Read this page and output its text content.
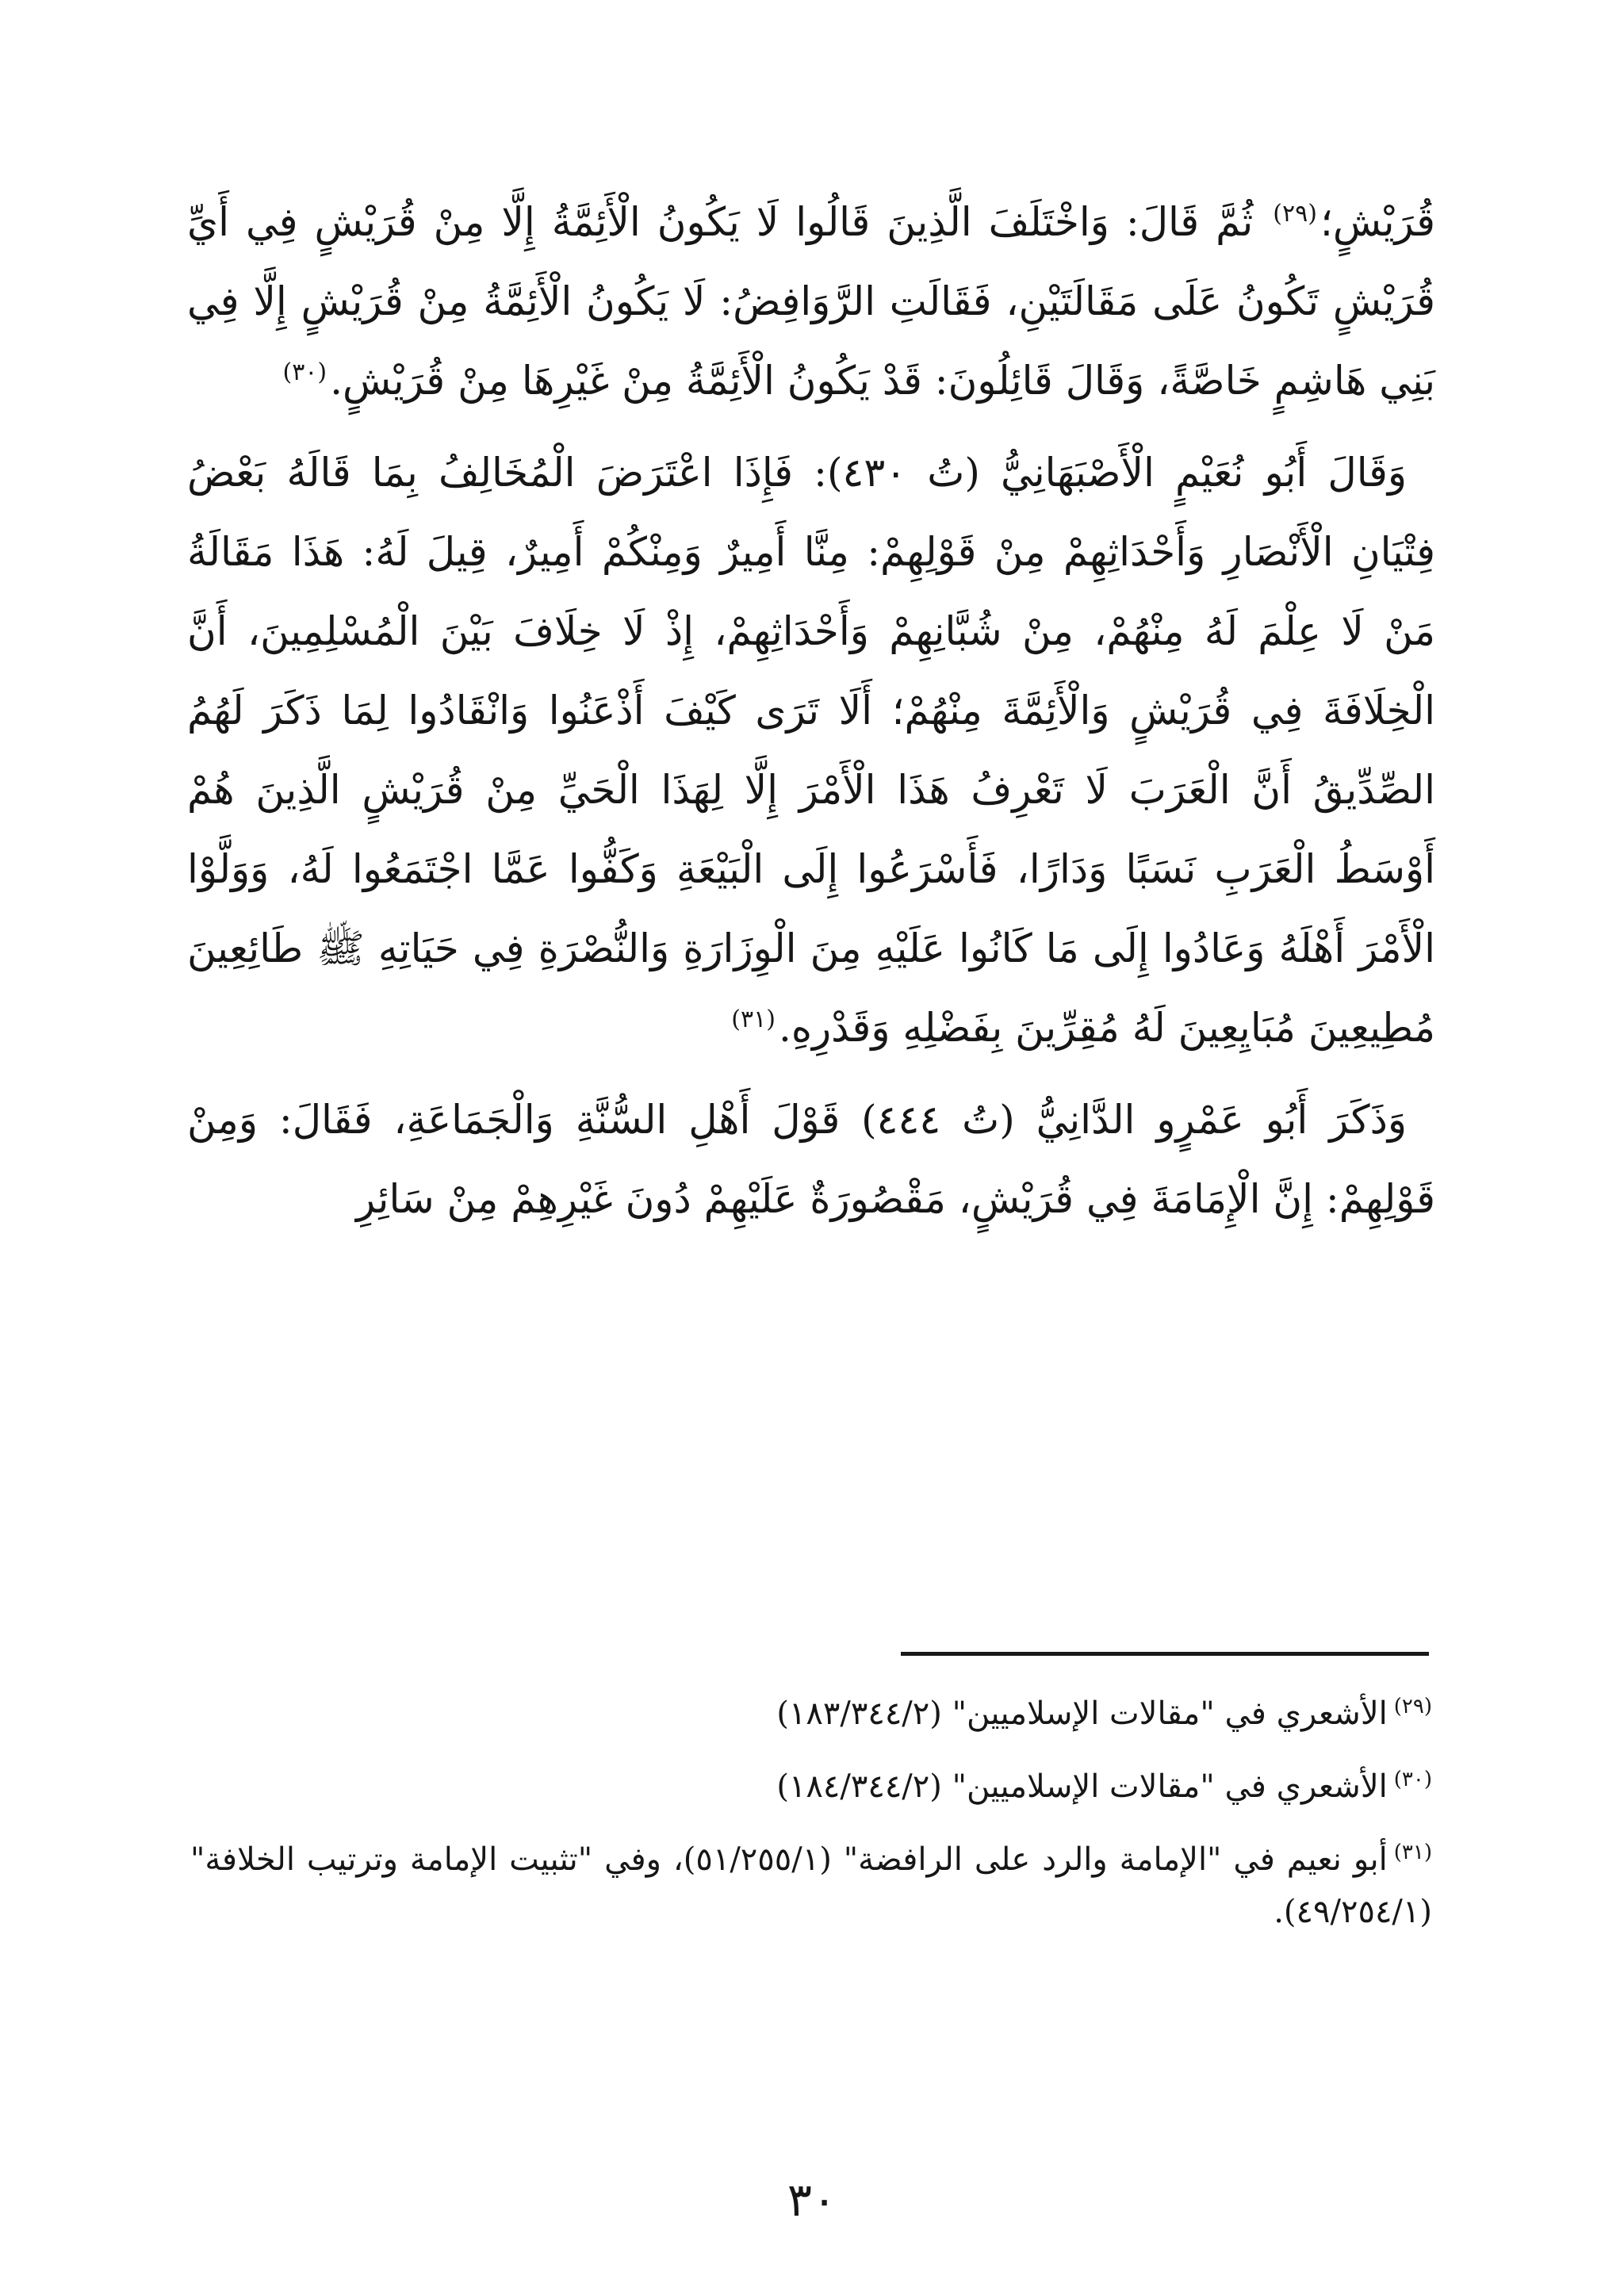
قُرَيْشٍ؛$^{(٢٩)}$ ثُمَّ قَالَ: وَاخْتَلَفَ الَّذِينَ قَالُوا لَا يَكُونُ الْأَئِمَّةُ إِلَّا مِنْ قُرَيْشٍ فِي أَيِّ قُرَيْشٍ تَكُونُ عَلَى مَقَالَتَيْنِ، فَقَالَتِ الرَّوَافِضُ: لَا يَكُونُ الْأَئِمَّةُ مِنْ قُرَيْشٍ إِلَّا فِي بَنِي هَاشِمٍ خَاصَّةً، وَقَالَ قَائِلُونَ: قَدْ يَكُونُ الْأَئِمَّةُ مِنْ غَيْرِهَا مِنْ قُرَيْشٍ.$^{(٣٠)}$

وَقَالَ أَبُو نُعَيْمٍ الْأَصْبَهَانِيُّ (تُ ٤٣٠): فَإِذَا اعْتَرَضَ الْمُخَالِفُ بِمَا قَالَهُ بَعْضُ فِتْيَانِ الْأَنْصَارِ وَأَحْدَاثِهِمْ مِنْ قَوْلِهِمْ: مِنَّا أَمِيرٌ وَمِنْكُمْ أَمِيرٌ، قِيلَ لَهُ: هَذَا مَقَالَةُ مَنْ لَا عِلْمَ لَهُ مِنْهُمْ، مِنْ شُبَّانِهِمْ وَأَحْدَاثِهِمْ، إِذْ لَا خِلَافَ بَيْنَ الْمُسْلِمِينَ، أَنَّ الْخِلَافَةَ فِي قُرَيْشٍ وَالْأَئِمَّةَ مِنْهُمْ؛ أَلَا تَرَى كَيْفَ أَذْعَنُوا وَانْقَادُوا لِمَا ذَكَرَ لَهُمُ الصِّدِّيقُ أَنَّ الْعَرَبَ لَا تَعْرِفُ هَذَا الْأَمْرَ إِلَّا لِهَذَا الْحَيِّ مِنْ قُرَيْشٍ الَّذِينَ هُمْ أَوْسَطُ الْعَرَبِ نَسَبًا وَدَارًا، فَأَسْرَعُوا إِلَى الْبَيْعَةِ وَكَفُّوا عَمَّا اجْتَمَعُوا لَهُ، وَوَلَّوْا الْأَمْرَ أَهْلَهُ وَعَادُوا إِلَى مَا كَانُوا عَلَيْهِ مِنَ الْوِزَارَةِ وَالنُّصْرَةِ فِي حَيَاتِهِ ﷺ طَائِعِينَ مُطِيعِينَ مُبَايِعِينَ لَهُ مُقِرِّينَ بِفَضْلِهِ وَقَدْرِهِ.$^{(٣١)}$

وَذَكَرَ أَبُو عَمْرٍو الدَّانِيُّ (تُ ٤٤٤) قَوْلَ أَهْلِ السُّنَّةِ وَالْجَمَاعَةِ، فَقَالَ: وَمِنْ قَوْلِهِمْ: إِنَّ الْإِمَامَةَ فِي قُرَيْشٍ، مَقْصُورَةٌ عَلَيْهِمْ دُونَ غَيْرِهِمْ مِنْ سَائِرِ

$^{(٢٩)}$الأشعري في "مقالات الإسلاميين" (١٨٣/٣٤٤/٢)

$^{(٣٠)}$الأشعري في "مقالات الإسلاميين" (١٨٤/٣٤٤/٢)

$^{(٣١)}$أبو نعيم في "الإمامة والرد على الرافضة" (٥١/٢٥٥/١)، وفي "تثبيت الإمامة وترتيب الخلافة" (٤٩/٢٥٤/١).

٣٠
